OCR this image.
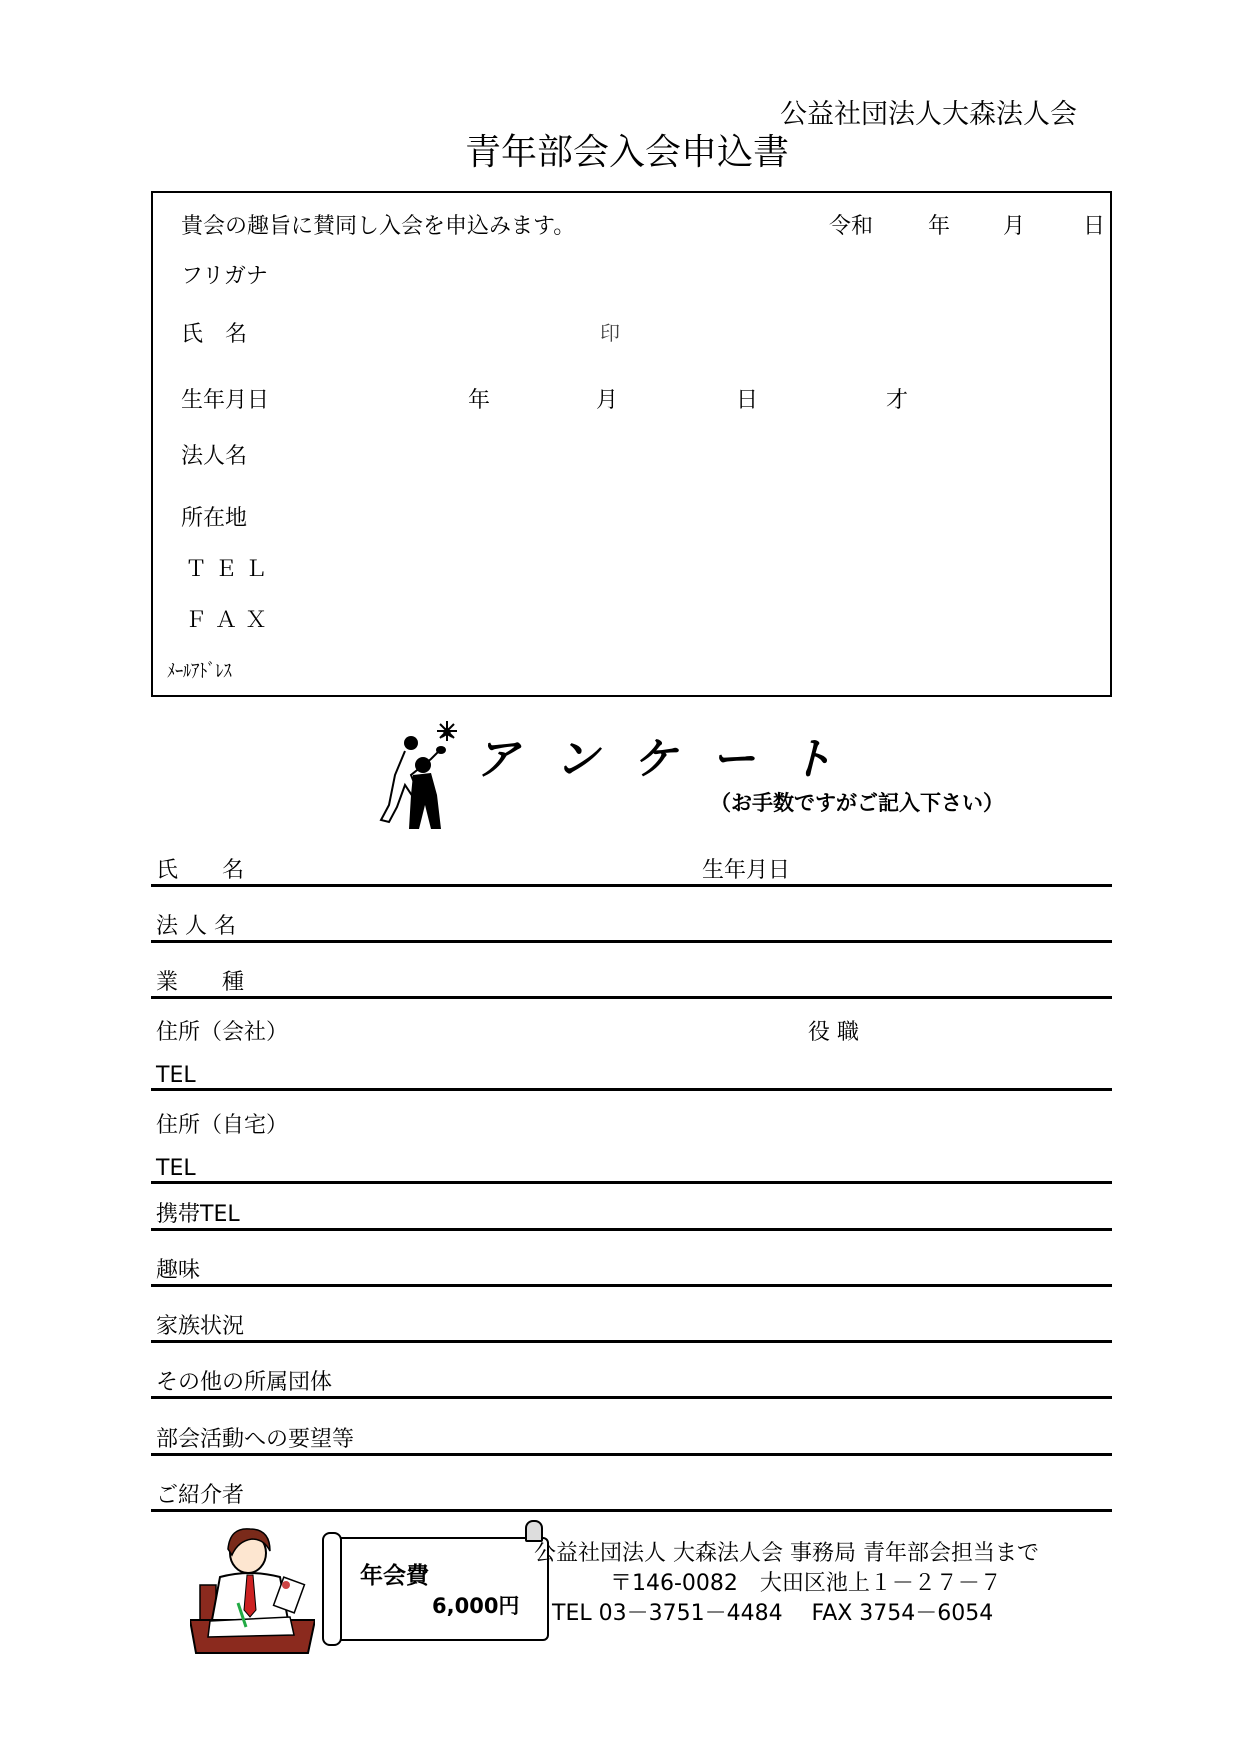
公益社団法人大森法人会
青年部会入会申込書
貴会の趣旨に賛同し入会を申込みます。	令和 年 月	日
フリガナ
氏　名	印
生年月日	年	月	日	才
法人名
所在地
ＴＥＬ
ＦＡＸ
ﾒｰﾙｱﾄﾞﾚｽ
ア ン ケ ー ト
（お手数ですがご記入下さい）
氏　　名	生年月日
法 人 名
業　　種
住所（会社）	役 職
TEL
住所（自宅）
TEL
携帯TEL
趣味
家族状況
その他の所属団体
部会活動への要望等
ご紹介者
年会費
6,000円
公益社団法人 大森法人会 事務局 青年部会担当まで
〒146-0082　大田区池上１－２７－７
TEL 03－3751－4484　 FAX 3754－6054
